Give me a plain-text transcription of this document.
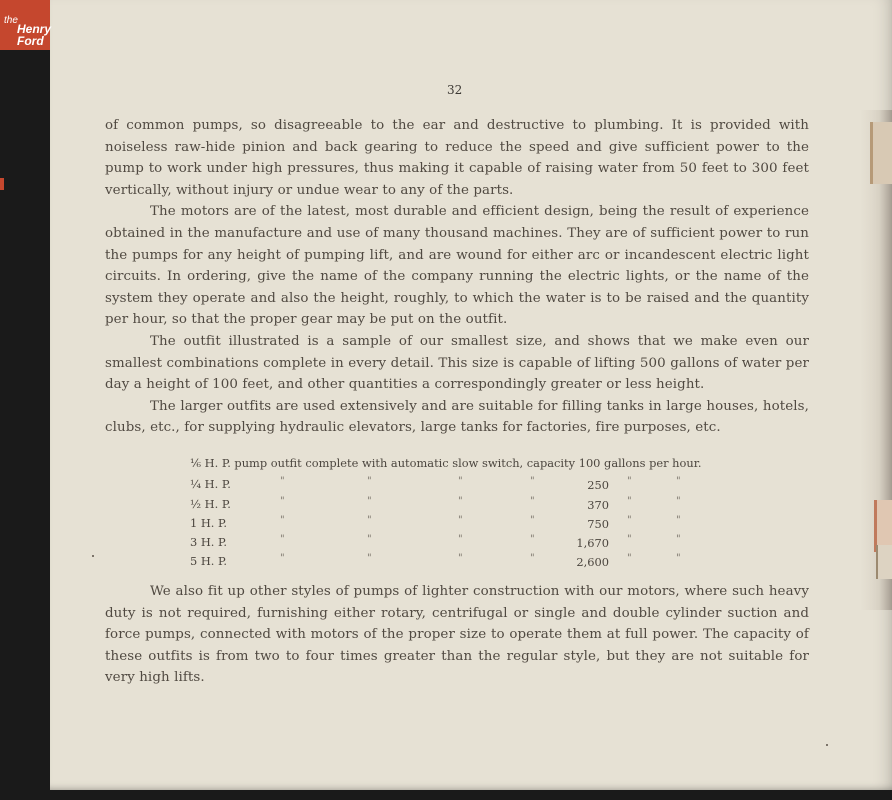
the
Henry
Ford
32

of common pumps, so disagreeable to the ear and destructive to plumbing. It is provided with noiseless raw-hide pinion and back gearing to reduce the speed and give sufficient power to the pump to work under high pressures, thus making it capable of raising water from 50 feet to 300 feet vertically, without injury or undue wear to any of the parts.

The motors are of the latest, most durable and efficient design, being the result of experience obtained in the manufacture and use of many thousand machines. They are of sufficient power to run the pumps for any height of pumping lift, and are wound for either arc or incandescent electric light circuits. In ordering, give the name of the company running the electric lights, or the name of the system they operate and also the height, roughly, to which the water is to be raised and the quantity per hour, so that the proper gear may be put on the outfit.

The outfit illustrated is a sample of our smallest size, and shows that we make even our smallest combinations complete in every detail. This size is capable of lifting 500 gallons of water per day a height of 100 feet, and other quantities a correspondingly greater or less height.

The larger outfits are used extensively and are suitable for filling tanks in large houses, hotels, clubs, etc., for supplying hydraulic elevators, large tanks for factories, fire purposes, etc.

⅙ H. P. pump outfit complete with automatic slow switch, capacity 100 gallons per hour.
¼ H. P.	"	"	"	"	250 "	"
½ H. P.	"	"	"	"	370 "	"
1 H. P.	"	"	"	"	750 "	"
3 H. P.	"	"	"	"	1,670 "	"
5 H. P.	"	"	"	"	2,600 "	"

We also fit up other styles of pumps of lighter construction with our motors, where such heavy duty is not required, furnishing either rotary, centrifugal or single and double cylinder suction and force pumps, connected with motors of the proper size to operate them at full power. The capacity of these outfits is from two to four times greater than the regular style, but they are not suitable for very high lifts.
